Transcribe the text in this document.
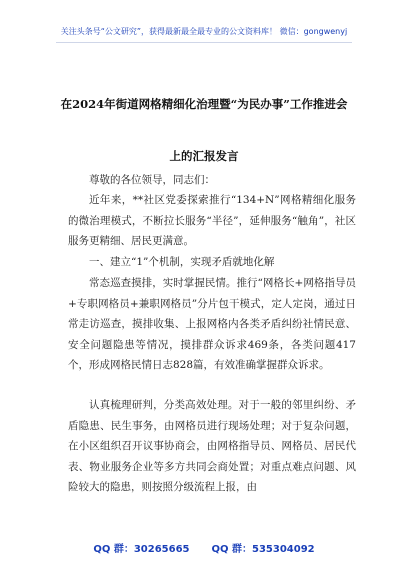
关注头条号“公文研究”，获得最新最全最专业的公文资料库！ 微信：gongwenyj
在2024年街道网格精细化治理暨“为民办事”工作推进会
上的汇报发言

尊敬的各位领导，同志们：

近年来，**社区党委探索推行“134+N”网格精细化服务的微治理模式，不断拉长服务“半径”，延伸服务“触角”，社区服务更精细、居民更满意。

一、建立“1”个机制，实现矛盾就地化解

常态巡查摸排，实时掌握民情。推行“网格长+网格指导员+专职网格员+兼职网格员”分片包干模式，定人定岗，通过日常走访巡查，摸排收集、上报网格内各类矛盾纠纷社情民意、安全问题隐患等情况，摸排群众诉求469条，各类问题417个，形成网格民情日志828篇，有效准确掌握群众诉求。

认真梳理研判，分类高效处理。对于一般的邻里纠纷、矛盾隐患、民生事务，由网格员进行现场处理；对于复杂问题，在小区组织召开议事协商会，由网格指导员、网格员、居民代表、物业服务企业等多方共同会商处置；对重点难点问题、风险较大的隐患，则按照分级流程上报，由

QQ 群：30265665 QQ 群：535304092
